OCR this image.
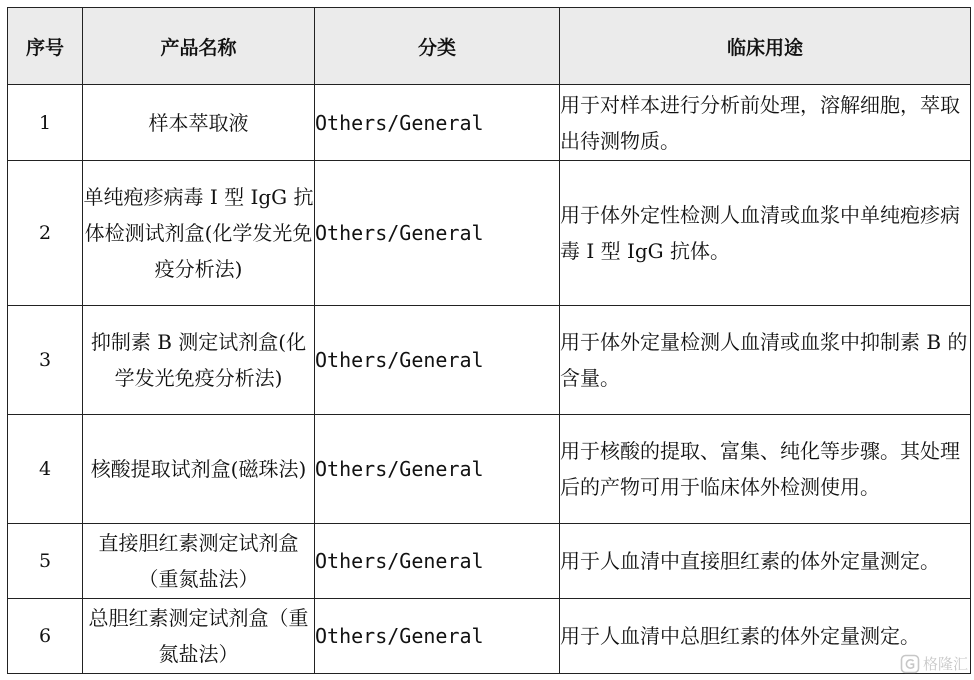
序号	产品名称	分类	临床用途
1	样本萃取液	Others/General	用于对样本进行分析前处理，溶解细胞，萃取出待测物质。
2	单纯疱疹病毒 I 型 IgG 抗体检测试剂盒(化学发光免疫分析法)	Others/General	用于体外定性检测人血清或血浆中单纯疱疹病毒 I 型 IgG 抗体。
3	抑制素 B 测定试剂盒(化学发光免疫分析法)	Others/General	用于体外定量检测人血清或血浆中抑制素 B 的含量。
4	核酸提取试剂盒(磁珠法)	Others/General	用于核酸的提取、富集、纯化等步骤。其处理后的产物可用于临床体外检测使用。
5	直接胆红素测定试剂盒（重氮盐法）	Others/General	用于人血清中直接胆红素的体外定量测定。
6	总胆红素测定试剂盒（重氮盐法）	Others/General	用于人血清中总胆红素的体外定量测定。
格隆汇
